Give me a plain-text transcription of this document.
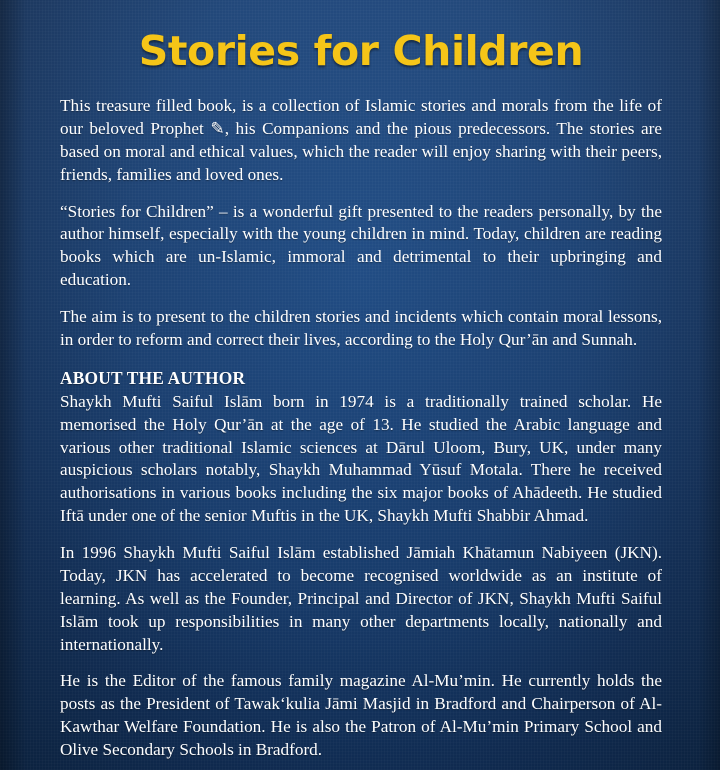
Stories for Children

This treasure filled book, is a collection of Islamic stories and morals from the life of our beloved Prophet ✎, his Companions and the pious predecessors. The stories are based on moral and ethical values, which the reader will enjoy sharing with their peers, friends, families and loved ones.

“Stories for Children” – is a wonderful gift presented to the readers personally, by the author himself, especially with the young children in mind. Today, children are reading books which are un-Islamic, immoral and detrimental to their upbringing and education.

The aim is to present to the children stories and incidents which contain moral lessons, in order to reform and correct their lives, according to the Holy Qur’ān and Sunnah.

ABOUT THE AUTHOR

Shaykh Mufti Saiful Islām born in 1974 is a traditionally trained scholar. He memorised the Holy Qur’ān at the age of 13. He studied the Arabic language and various other traditional Islamic sciences at Dārul Uloom, Bury, UK, under many auspicious scholars notably, Shaykh Muhammad Yūsuf Motala. There he received authorisations in various books including the six major books of Ahādeeth. He studied Iftā under one of the senior Muftis in the UK, Shaykh Mufti Shabbir Ahmad.

In 1996 Shaykh Mufti Saiful Islām established Jāmiah Khātamun Nabiyeen (JKN). Today, JKN has accelerated to become recognised worldwide as an institute of learning. As well as the Founder, Principal and Director of JKN, Shaykh Mufti Saiful Islām took up responsibilities in many other departments locally, nationally and internationally.

He is the Editor of the famous family magazine Al-Mu’min. He currently holds the posts as the President of Tawak‘kulia Jāmi Masjid in Bradford and Chairperson of Al-Kawthar Welfare Foundation. He is also the Patron of Al-Mu’min Primary School and Olive Secondary Schools in Bradford.
